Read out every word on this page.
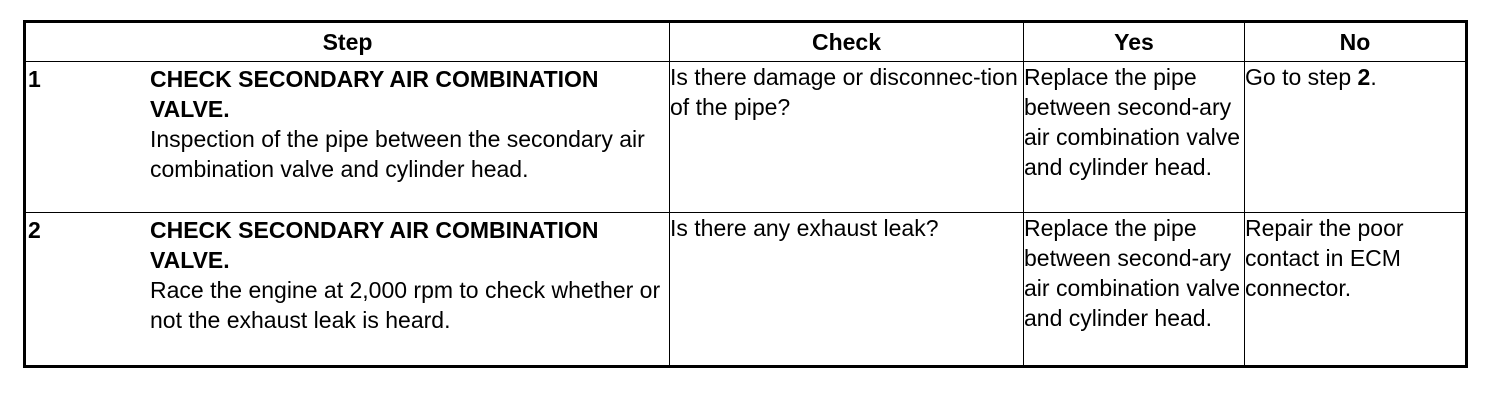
Step	Check	Yes	No

1 CHECK SECONDARY AIR COMBINATION VALVE.
Inspection of the pipe between the secondary air combination valve and cylinder head.	Is there damage or disconnec-tion of the pipe?	Replace the pipe between second-ary air combination valve and cylinder head.	Go to step 2.

2 CHECK SECONDARY AIR COMBINATION VALVE.
Race the engine at 2,000 rpm to check whether or not the exhaust leak is heard.	Is there any exhaust leak?	Replace the pipe between second-ary air combination valve and cylinder head.	Repair the poor contact in ECM connector.
